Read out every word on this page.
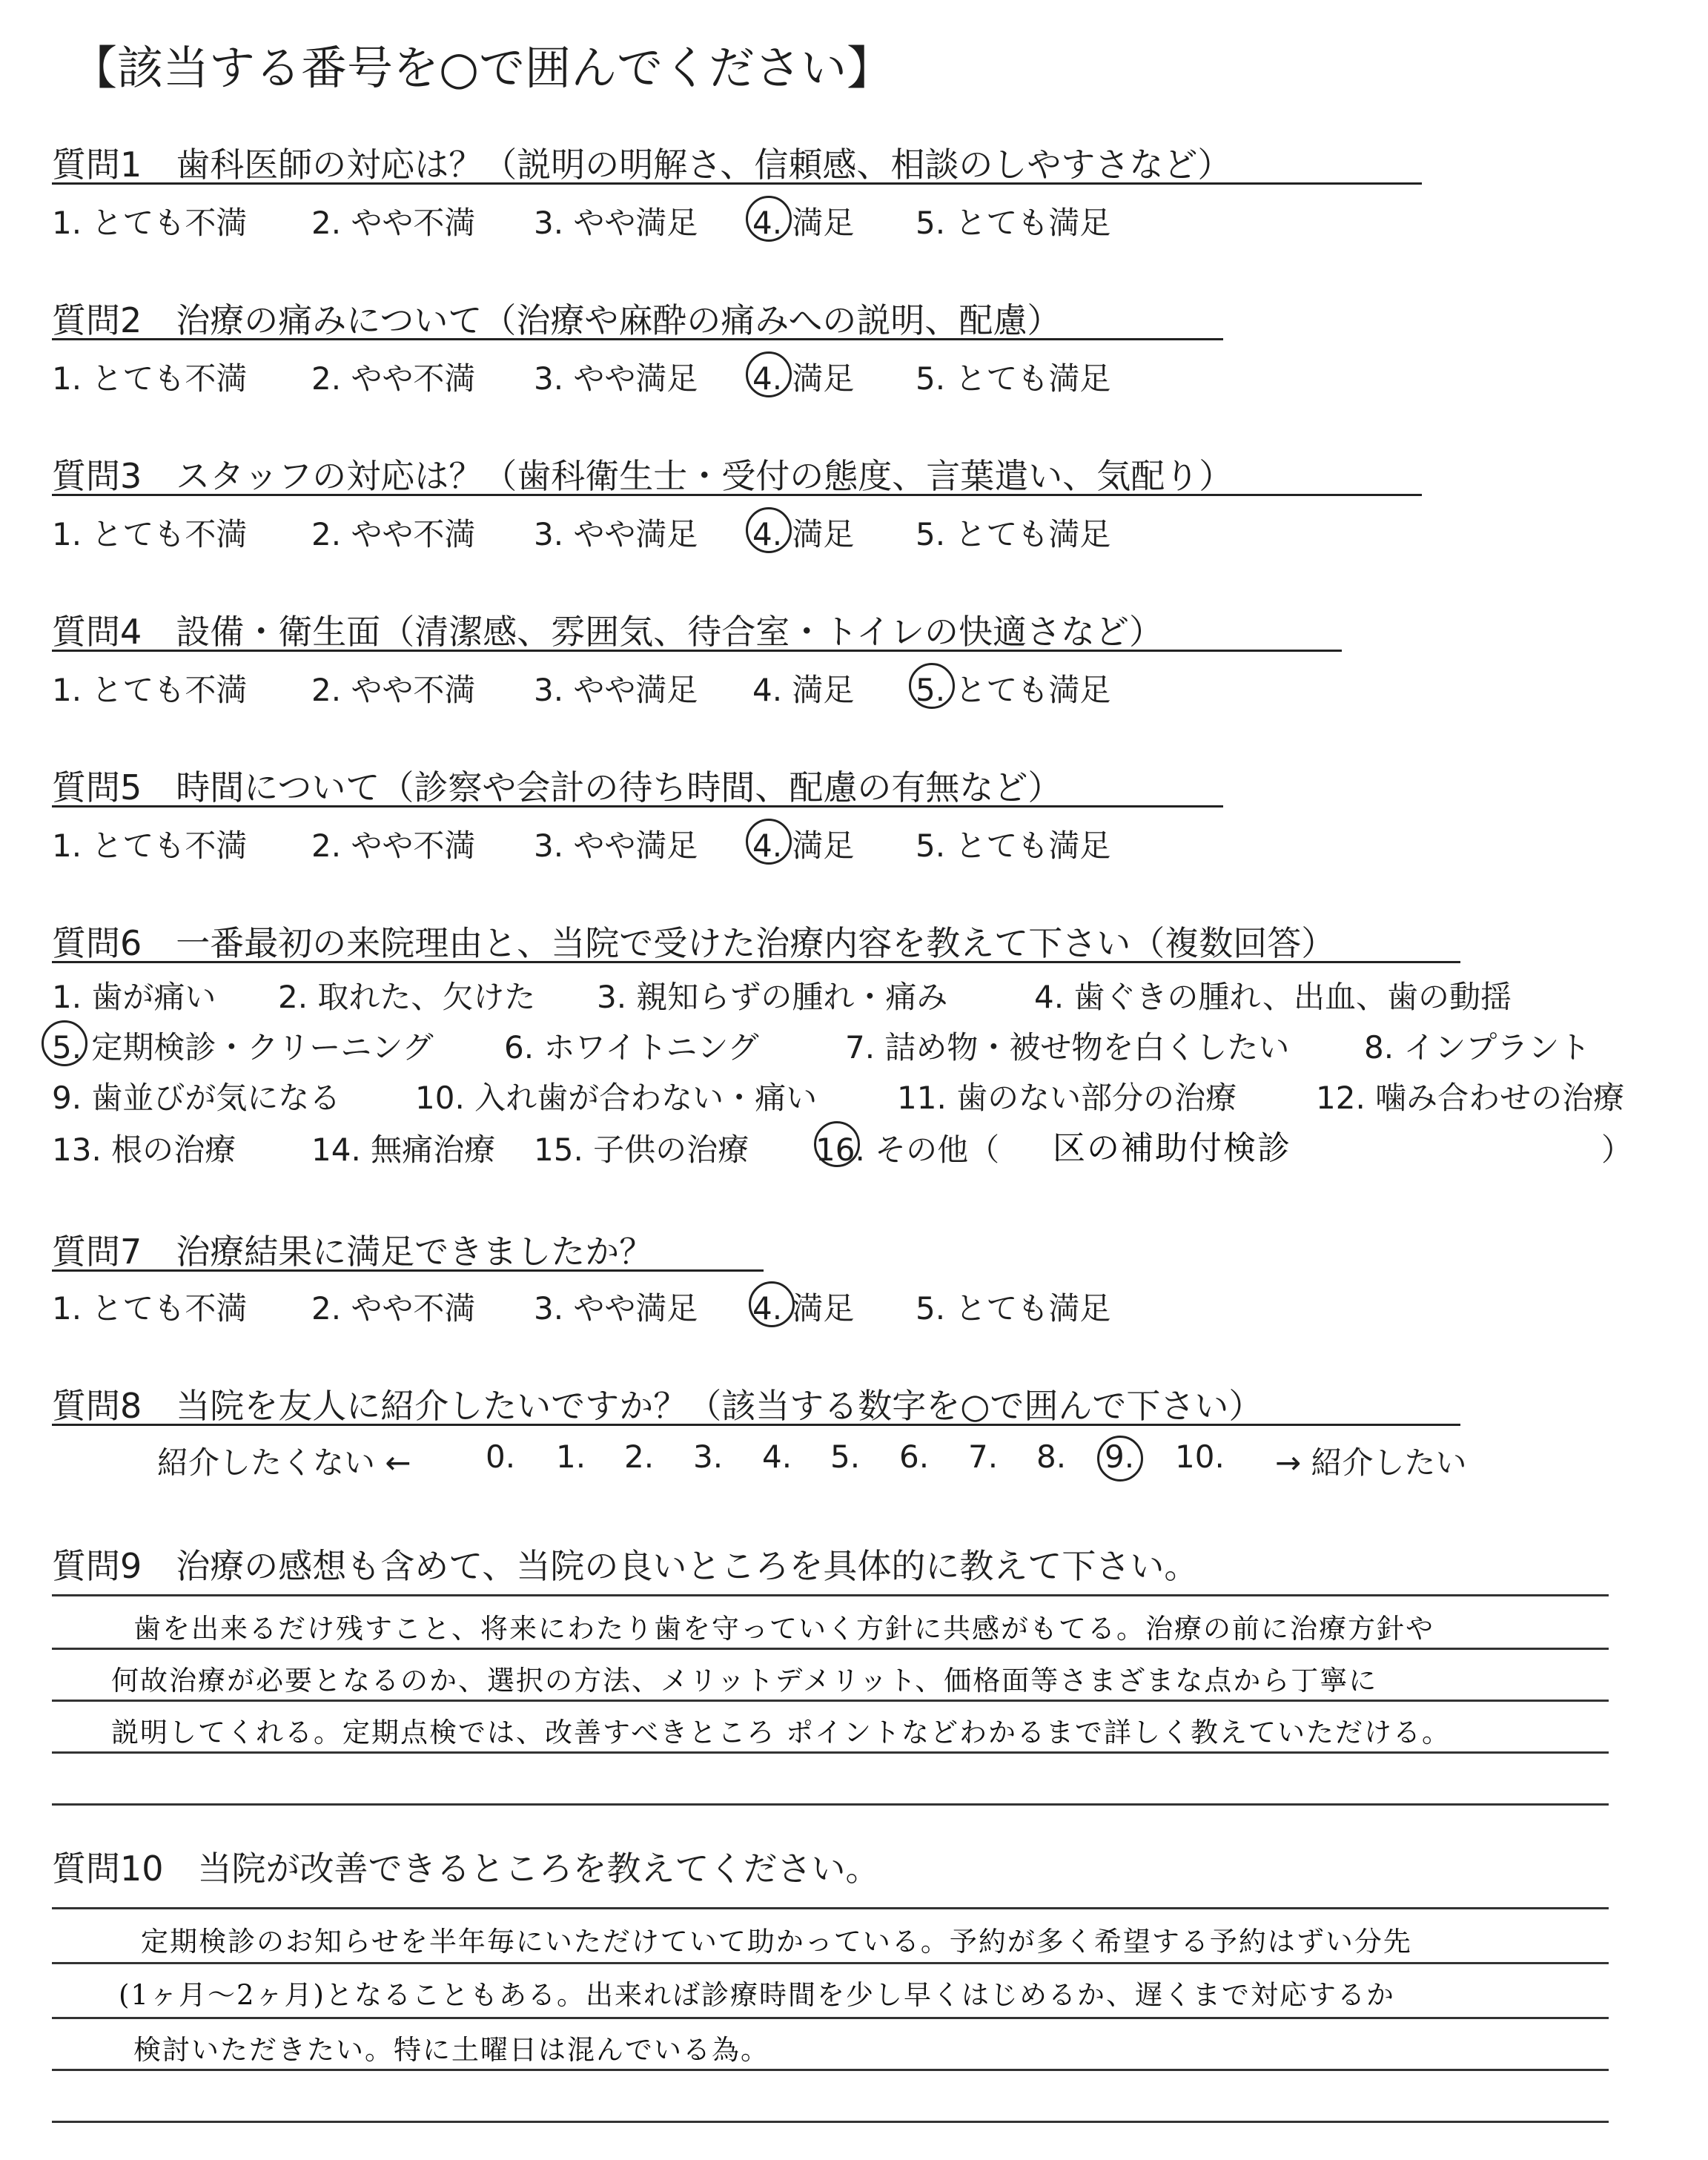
【該当する番号を○で囲んでください】
質問1　歯科医師の対応は？（説明の明解さ、信頼感、相談のしやすさなど）
1. とても不満 2. やや不満 3. やや満足 4. 満足 5. とても満足
質問2　治療の痛みについて（治療や麻酔の痛みへの説明、配慮）
1. とても不満 2. やや不満 3. やや満足 4. 満足 5. とても満足
質問3　スタッフの対応は？（歯科衛生士・受付の態度、言葉遣い、気配り）
1. とても不満 2. やや不満 3. やや満足 4. 満足 5. とても満足
質問4　設備・衛生面（清潔感、雰囲気、待合室・トイレの快適さなど）
1. とても不満 2. やや不満 3. やや満足 4. 満足 5. とても満足
質問5　時間について（診察や会計の待ち時間、配慮の有無など）
1. とても不満 2. やや不満 3. やや満足 4. 満足 5. とても満足
質問6　一番最初の来院理由と、当院で受けた治療内容を教えて下さい（複数回答）
1. 歯が痛い 2. 取れた、欠けた 3. 親知らずの腫れ・痛み	4. 歯ぐきの腫れ、出血、歯の動揺
5. 定期検診・クリーニング 6. ホワイトニング	7. 詰め物・被せ物を白くしたい 8. インプラント
9. 歯並びが気になる 10. 入れ歯が合わない・痛い	11. 歯のない部分の治療	12. 噛み合わせの治療
13. 根の治療 14. 無痛治療 15. 子供の治療 16. その他（ 区の補助付検診	）
質問7　治療結果に満足できましたか？
1. とても不満 2. やや不満 3. やや満足 4. 満足 5. とても満足
質問8　当院を友人に紹介したいですか？（該当する数字を○で囲んで下さい）
紹介したくない ← 0. 1. 2. 3. 4. 5. 6. 7. 8. 9. 10. → 紹介したい
質問9　治療の感想も含めて、当院の良いところを具体的に教えて下さい。
歯を出来るだけ残すこと、将来にわたり歯を守っていく方針に共感がもてる。治療の前に治療方針や
何故治療が必要となるのか、選択の方法、メリットデメリット、価格面等さまざまな点から丁寧に
説明してくれる。定期点検では、改善すべきところ ポイントなどわかるまで詳しく教えていただける。
質問10　当院が改善できるところを教えてください。
定期検診のお知らせを半年毎にいただけていて助かっている。予約が多く希望する予約はずい分先
(1ヶ月〜2ヶ月)となることもある。出来れば診療時間を少し早くはじめるか、遅くまで対応するか
検討いただきたい。特に土曜日は混んでいる為。
